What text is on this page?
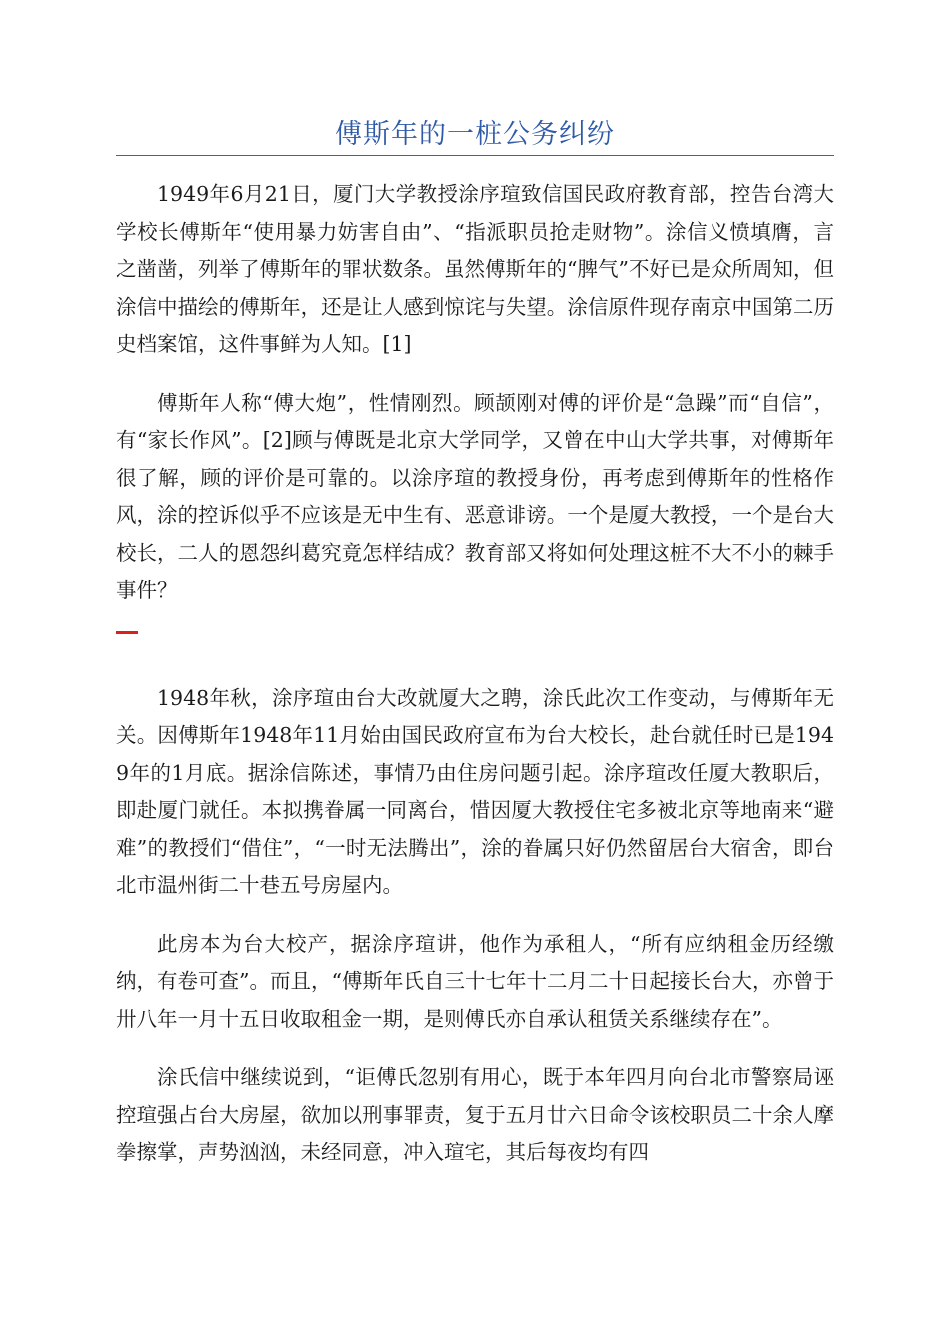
傅斯年的一桩公务纠纷

1949年6月21日，厦门大学教授涂序瑄致信国民政府教育部，控告台湾大学校长傅斯年“使用暴力妨害自由”、“指派职员抢走财物”。涂信义愤填膺，言之凿凿，列举了傅斯年的罪状数条。虽然傅斯年的“脾气”不好已是众所周知，但涂信中描绘的傅斯年，还是让人感到惊诧与失望。涂信原件现存南京中国第二历史档案馆，这件事鲜为人知。[1]

傅斯年人称“傅大炮”，性情刚烈。顾颉刚对傅的评价是“急躁”而“自信”，有“家长作风”。[2]顾与傅既是北京大学同学，又曾在中山大学共事，对傅斯年很了解，顾的评价是可靠的。以涂序瑄的教授身份，再考虑到傅斯年的性格作风，涂的控诉似乎不应该是无中生有、恶意诽谤。一个是厦大教授，一个是台大校长，二人的恩怨纠葛究竟怎样结成？教育部又将如何处理这桩不大不小的棘手事件？

1948年秋，涂序瑄由台大改就厦大之聘，涂氏此次工作变动，与傅斯年无关。因傅斯年1948年11月始由国民政府宣布为台大校长，赴台就任时已是1949年的1月底。据涂信陈述，事情乃由住房问题引起。涂序瑄改任厦大教职后，即赴厦门就任。本拟携眷属一同离台，惜因厦大教授住宅多被北京等地南来“避难”的教授们“借住”，“一时无法腾出”，涂的眷属只好仍然留居台大宿舍，即台北市温州街二十巷五号房屋内。

此房本为台大校产，据涂序瑄讲，他作为承租人，“所有应纳租金历经缴纳，有卷可查”。而且，“傅斯年氏自三十七年十二月二十日起接长台大，亦曾于卅八年一月十五日收取租金一期，是则傅氏亦自承认租赁关系继续存在”。

涂氏信中继续说到，“讵傅氏忽别有用心，既于本年四月向台北市警察局诬控瑄强占台大房屋，欲加以刑事罪责，复于五月廿六日命令该校职员二十余人摩拳擦掌，声势汹汹，未经同意，冲入瑄宅，其后每夜均有四
